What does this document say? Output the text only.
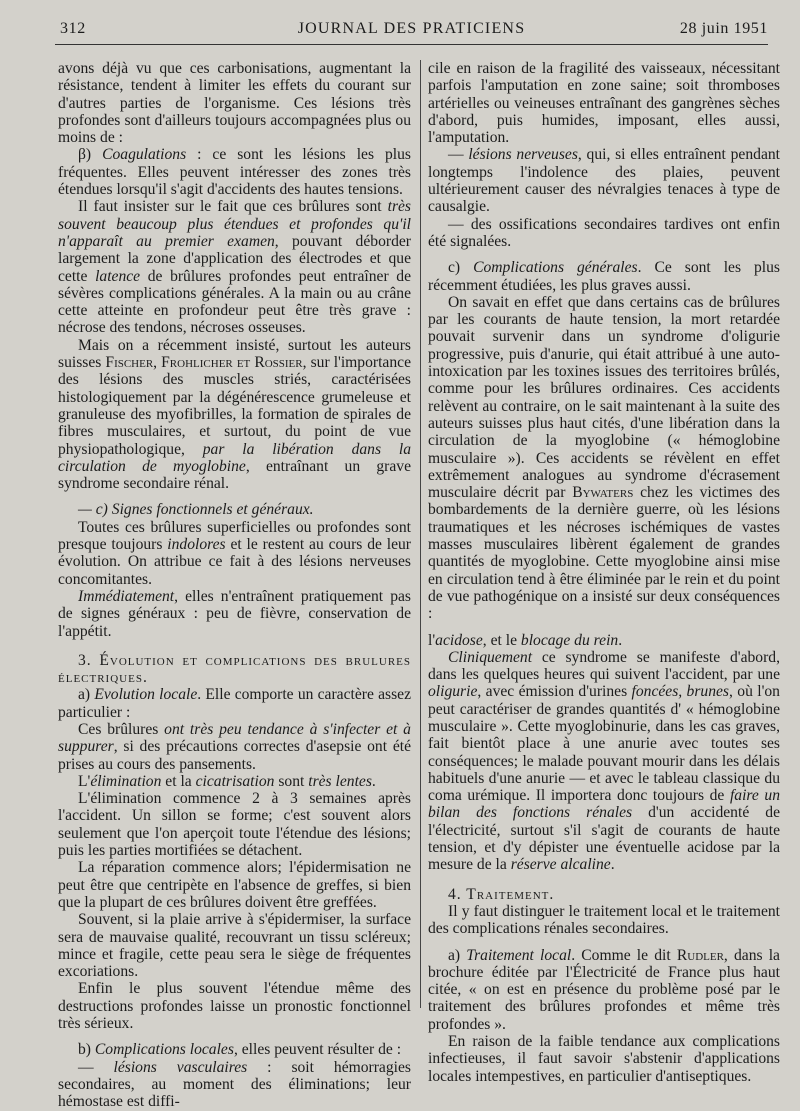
312	JOURNAL DES PRATICIENS	28 juin 1951

avons déjà vu que ces carbonisations, augmentant la résistance, tendent à limiter les effets du courant sur d'autres parties de l'organisme. Ces lésions très profondes sont d'ailleurs toujours accompagnées plus ou moins de :

β) Coagulations : ce sont les lésions les plus fréquentes. Elles peuvent intéresser des zones très étendues lorsqu'il s'agit d'accidents des hautes tensions.

Il faut insister sur le fait que ces brûlures sont très souvent beaucoup plus étendues et profondes qu'il n'apparaît au premier examen, pouvant déborder largement la zone d'application des électrodes et que cette latence de brûlures profondes peut entraîner de sévères complications générales. A la main ou au crâne cette atteinte en profondeur peut être très grave : nécrose des tendons, nécroses osseuses.

Mais on a récemment insisté, surtout les auteurs suisses Fischer, Frohlicher et Rossier, sur l'importance des lésions des muscles striés, caractérisées histologiquement par la dégénérescence grumeleuse et granuleuse des myofibrilles, la formation de spirales de fibres musculaires, et surtout, du point de vue physiopathologique, par la libération dans la circulation de myoglobine, entraînant un grave syndrome secondaire rénal.

— c) Signes fonctionnels et généraux.

Toutes ces brûlures superficielles ou profondes sont presque toujours indolores et le restent au cours de leur évolution. On attribue ce fait à des lésions nerveuses concomitantes.

Immédiatement, elles n'entraînent pratiquement pas de signes généraux : peu de fièvre, conservation de l'appétit.

3. Évolution et complications des brulures électriques.

a) Evolution locale. Elle comporte un caractère assez particulier :

Ces brûlures ont très peu tendance à s'infecter et à suppurer, si des précautions correctes d'asepsie ont été prises au cours des pansements.

L'élimination et la cicatrisation sont très lentes.

L'élimination commence 2 à 3 semaines après l'accident. Un sillon se forme; c'est souvent alors seulement que l'on aperçoit toute l'étendue des lésions; puis les parties mortifiées se détachent.

La réparation commence alors; l'épidermisation ne peut être que centripète en l'absence de greffes, si bien que la plupart de ces brûlures doivent être greffées.

Souvent, si la plaie arrive à s'épidermiser, la surface sera de mauvaise qualité, recouvrant un tissu scléreux; mince et fragile, cette peau sera le siège de fréquentes excoriations.

Enfin le plus souvent l'étendue même des destructions profondes laisse un pronostic fonctionnel très sérieux.

b) Complications locales, elles peuvent résulter de :

— lésions vasculaires : soit hémorragies secondaires, au moment des éliminations; leur hémostase est diffi-

cile en raison de la fragilité des vaisseaux, nécessitant parfois l'amputation en zone saine; soit thromboses artérielles ou veineuses entraînant des gangrènes sèches d'abord, puis humides, imposant, elles aussi, l'amputation.

— lésions nerveuses, qui, si elles entraînent pendant longtemps l'indolence des plaies, peuvent ultérieurement causer des névralgies tenaces à type de causalgie.

— des ossifications secondaires tardives ont enfin été signalées.

c) Complications générales. Ce sont les plus récemment étudiées, les plus graves aussi.

On savait en effet que dans certains cas de brûlures par les courants de haute tension, la mort retardée pouvait survenir dans un syndrome d'oligurie progressive, puis d'anurie, qui était attribué à une auto-intoxication par les toxines issues des territoires brûlés, comme pour les brûlures ordinaires. Ces accidents relèvent au contraire, on le sait maintenant à la suite des auteurs suisses plus haut cités, d'une libération dans la circulation de la myoglobine (« hémoglobine musculaire »). Ces accidents se révèlent en effet extrêmement analogues au syndrome d'écrasement musculaire décrit par Bywaters chez les victimes des bombardements de la dernière guerre, où les lésions traumatiques et les nécroses ischémiques de vastes masses musculaires libèrent également de grandes quantités de myoglobine. Cette myoglobine ainsi mise en circulation tend à être éliminée par le rein et du point de vue pathogénique on a insisté sur deux conséquences :

l'acidose, et le blocage du rein.

Cliniquement ce syndrome se manifeste d'abord, dans les quelques heures qui suivent l'accident, par une oligurie, avec émission d'urines foncées, brunes, où l'on peut caractériser de grandes quantités d' « hémoglobine musculaire ». Cette myoglobinurie, dans les cas graves, fait bientôt place à une anurie avec toutes ses conséquences; le malade pouvant mourir dans les délais habituels d'une anurie — et avec le tableau classique du coma urémique. Il importera donc toujours de faire un bilan des fonctions rénales d'un accidenté de l'électricité, surtout s'il s'agit de courants de haute tension, et d'y dépister une éventuelle acidose par la mesure de la réserve alcaline.

4. Traitement.

Il y faut distinguer le traitement local et le traitement des complications rénales secondaires.

a) Traitement local. Comme le dit Rudler, dans la brochure éditée par l'Électricité de France plus haut citée, « on est en présence du problème posé par le traitement des brûlures profondes et même très profondes ».

En raison de la faible tendance aux complications infectieuses, il faut savoir s'abstenir d'applications locales intempestives, en particulier d'antiseptiques.
